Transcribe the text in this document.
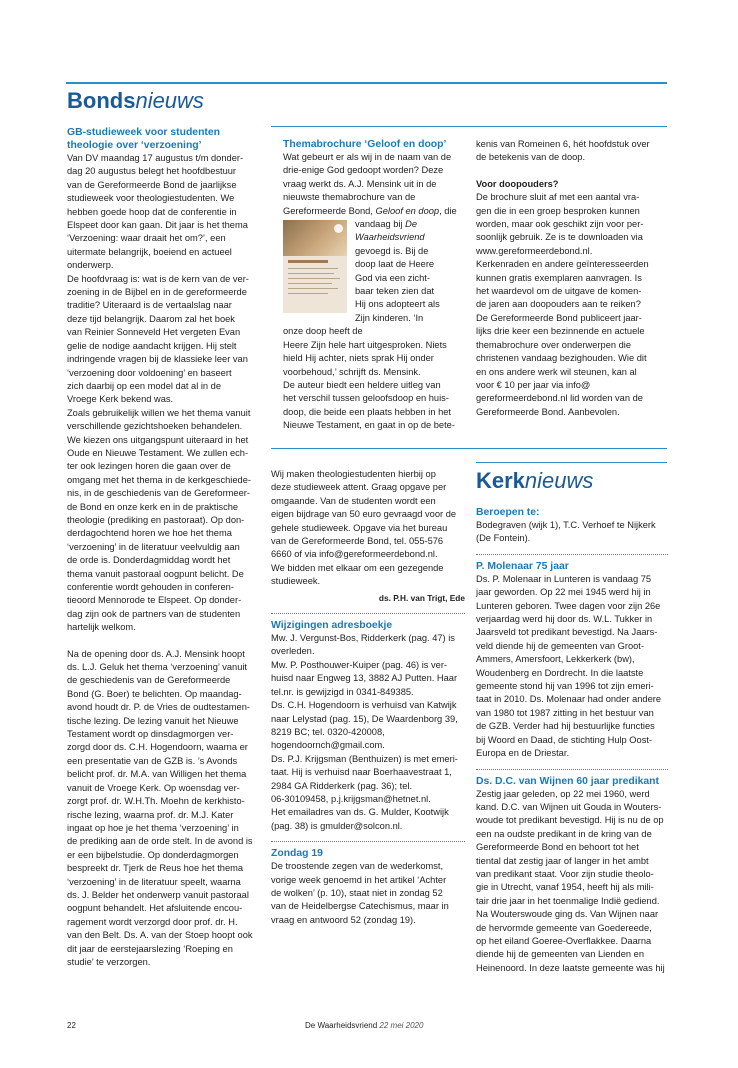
Bondsnieuws

GB-studieweek voor studenten theologie over ‘verzoening’

Van DV maandag 17 augustus t/m donder-

dag 20 augustus belegt het hoofdbestuur

van de Gereformeerde Bond de jaarlijkse

studieweek voor theologiestudenten. We

hebben goede hoop dat de conferentie in

Elspeet door kan gaan. Dit jaar is het thema

‘Verzoening: waar draait het om?’, een

uitermate belangrijk, boeiend en actueel

onderwerp.

De hoofdvraag is: wat is de kern van de ver-

zoening in de Bijbel en in de gereformeerde

traditie? Uiteraard is de vertaalslag naar

deze tijd belangrijk. Daarom zal het boek

van Reinier Sonneveld Het vergeten Evan

gelie de nodige aandacht krijgen. Hij stelt

indringende vragen bij de klassieke leer van

‘verzoening door voldoening’ en baseert

zich daarbij op een model dat al in de

Vroege Kerk bekend was.

Zoals gebruikelijk willen we het thema vanuit

verschillende gezichtshoeken behandelen.

We kiezen ons uitgangspunt uiteraard in het

Oude en Nieuwe Testament. We zullen ech-

ter ook lezingen horen die gaan over de

omgang met het thema in de kerkgeschiede-

nis, in de geschiedenis van de Gereformeer-

de Bond en onze kerk en in de praktische

theologie (prediking en pastoraat). Op don-

derdagochtend horen we hoe het thema

‘verzoening’ in de literatuur veelvuldig aan

de orde is. Donderdagmiddag wordt het

thema vanuit pastoraal oogpunt belicht. De

conferentie wordt gehouden in conferen-

tieoord Mennorode te Elspeet. Op donder-

dag zijn ook de partners van de studenten

hartelijk welkom.

Na de opening door ds. A.J. Mensink hoopt

ds. L.J. Geluk het thema ‘verzoening’ vanuit

de geschiedenis van de Gereformeerde

Bond (G. Boer) te belichten. Op maandag-

avond houdt dr. P. de Vries de oudtestamen-

tische lezing. De lezing vanuit het Nieuwe

Testament wordt op dinsdagmorgen ver-

zorgd door ds. C.H. Hogendoorn, waarna er

een presentatie van de GZB is. ’s Avonds

belicht prof. dr. M.A. van Willigen het thema

vanuit de Vroege Kerk. Op woensdag ver-

zorgt prof. dr. W.H.Th. Moehn de kerkhisto-

rische lezing, waarna prof. dr. M.J. Kater

ingaat op hoe je het thema ‘verzoening’ in

de prediking aan de orde stelt. In de avond is

er een bijbelstudie. Op donderdagmorgen

bespreekt dr. Tjerk de Reus hoe het thema

‘verzoening’ in de literatuur speelt, waarna

ds. J. Belder het onderwerp vanuit pastoraal

oogpunt behandelt. Het afsluitende encou-

ragement wordt verzorgd door prof. dr. H.

van den Belt. Ds. A. van der Stoep hoopt ook

dit jaar de eerstejaarslezing ‘Roeping en

studie’ te verzorgen.

Themabrochure ‘Geloof en doop’

Wat gebeurt er als wij in de naam van de

drie-enige God gedoopt worden? Deze

vraag werkt ds. A.J. Mensink uit in de

nieuwste themabrochure van de

Gereformeerde Bond, Geloof en doop, die

vandaag bij De

Waarheidsvriend

gevoegd is. Bij de

doop laat de Heere

God via een zicht-

baar teken zien dat

Hij ons adopteert als

Zijn kinderen. ‘In

onze doop heeft de

Heere Zijn hele hart uitgesproken. Niets

hield Hij achter, niets sprak Hij onder

voorbehoud,’ schrijft ds. Mensink.

De auteur biedt een heldere uitleg van

het verschil tussen geloofsdoop en huis-

doop, die beide een plaats hebben in het

Nieuwe Testament, en gaat in op de bete-

kenis van Romeinen 6, hét hoofdstuk over

de betekenis van de doop.

Voor doopouders?

De brochure sluit af met een aantal vra-

gen die in een groep besproken kunnen

worden, maar ook geschikt zijn voor per-

soonlijk gebruik. Ze is te downloaden via

www.gereformeerdebond.nl.

Kerkenraden en andere geïnteresseerden

kunnen gratis exemplaren aanvragen. Is

het waardevol om de uitgave de komen-

de jaren aan doopouders aan te reiken?

De Gereformeerde Bond publiceert jaar-

lijks drie keer een bezinnende en actuele

themabrochure over onderwerpen die

christenen vandaag bezighouden. Wie dit

en ons andere werk wil steunen, kan al

voor € 10 per jaar via info@

gereformeerdebond.nl lid worden van de

Gereformeerde Bond. Aanbevolen.

Wij maken theologiestudenten hierbij op

deze studieweek attent. Graag opgave per

omgaande. Van de studenten wordt een

eigen bijdrage van 50 euro gevraagd voor de

gehele studieweek. Opgave via het bureau

van de Gereformeerde Bond, tel. 055-576

6660 of via info@gereformeerdebond.nl.

We bidden met elkaar om een gezegende

studieweek.

ds. P.H. van Trigt, Ede

Wijzigingen adresboekje

Mw. J. Vergunst-Bos, Ridderkerk (pag. 47) is

overleden.

Mw. P. Posthouwer-Kuiper (pag. 46) is ver-

huisd naar Engweg 13, 3882 AJ Putten. Haar

tel.nr. is gewijzigd in 0341-849385.

Ds. C.H. Hogendoorn is verhuisd van Katwijk

naar Lelystad (pag. 15), De Waardenborg 39,

8219 BC; tel. 0320-420008,

hogendoornch@gmail.com.

Ds. P.J. Krijgsman (Benthuizen) is met emeri-

taat. Hij is verhuisd naar Boerhaavestraat 1,

2984 GA Ridderkerk (pag. 36); tel.

06-30109458, p.j.krijgsman@hetnet.nl.

Het emailadres van ds. G. Mulder, Kootwijk

(pag. 38) is gmulder@solcon.nl.

Zondag 19

De troostende zegen van de wederkomst,

vorige week genoemd in het artikel ‘Achter

de wolken’ (p. 10), staat niet in zondag 52

van de Heidelbergse Catechismus, maar in

vraag en antwoord 52 (zondag 19).

Kerknieuws

Beroepen te:

Bodegraven (wijk 1), T.C. Verhoef te Nijkerk

(De Fontein).

P. Molenaar 75 jaar

Ds. P. Molenaar in Lunteren is vandaag 75

jaar geworden. Op 22 mei 1945 werd hij in

Lunteren geboren. Twee dagen voor zijn 26e

verjaardag werd hij door ds. W.L. Tukker in

Jaarsveld tot predikant bevestigd. Na Jaars-

veld diende hij de gemeenten van Groot-

Ammers, Amersfoort, Lekkerkerk (bw),

Woudenberg en Dordrecht. In die laatste

gemeente stond hij van 1996 tot zijn emeri-

taat in 2010. Ds. Molenaar had onder andere

van 1980 tot 1987 zitting in het bestuur van

de GZB. Verder had hij bestuurlijke functies

bij Woord en Daad, de stichting Hulp Oost-

Europa en de Driestar.

Ds. D.C. van Wijnen 60 jaar predikant

Zestig jaar geleden, op 22 mei 1960, werd

kand. D.C. van Wijnen uit Gouda in Wouters-

woude tot predikant bevestigd. Hij is nu de op

een na oudste predikant in de kring van de

Gereformeerde Bond en behoort tot het

tiental dat zestig jaar of langer in het ambt

van predikant staat. Voor zijn studie theolo-

gie in Utrecht, vanaf 1954, heeft hij als mili-

tair drie jaar in het toenmalige Indië gediend.

Na Wouterswoude ging ds. Van Wijnen naar

de hervormde gemeente van Goedereede,

op het eiland Goeree-Overflakkee. Daarna

diende hij de gemeenten van Lienden en

Heinenoord. In deze laatste gemeente was hij

22	De Waarheidsvriend 22 mei 2020
